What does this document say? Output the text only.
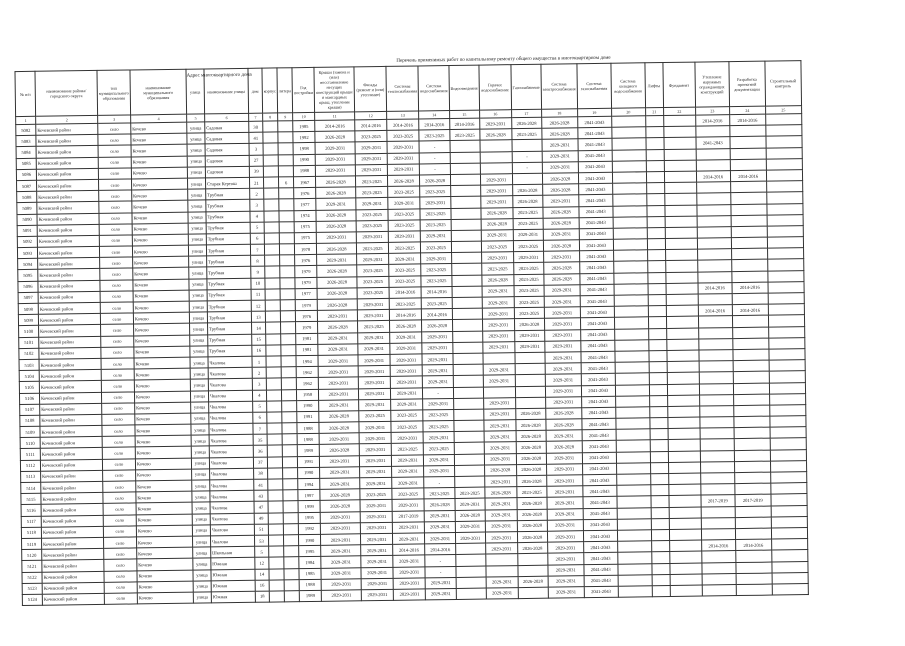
Перечень применимых работ по капитальному ремонту общего имущества в многоквартирном доме
Адрес многоквартирного дома
№ п/п	наименование района/городского округа	тип муниципального образования	наименование муниципального образования	улица	наименование улицы	дом	корпус	литера	Год постройки	Крыши (замена и (или) восстановление несущих конструкций крыши и мансардных крыш, утепление крыши)	Фасады (ремонт и (или) утепление)	Системы теплоснабжения	Система водоснабжения	Водоотведения	Горячее водоснабжение	Газоснабжение	Система электроснабжения	Система газоснабжения	Система холодного водоснабжения	Лифты	Фундамент	Утепление наружных ограждающих конструкций	Разработка проектной документации	Строительный контроль
1	2	3	4	5	6	7	8	9	10	11	12	13	14	15	16	17	18	19	20	21	22	23	24	25
5082	Кочевский район	село	Кочево	улица	Садовая	30			1985	2014-2016	2014-2016	2014-2016	2014-2016	2014-2016	2029-2031	2026-2028	2026-2028	2041-2043				2014-2016	2014-2016	
5083	Кочевский район	село	Кочево	улица	Садовая	41			1992	2026-2028	2023-2025	2023-2025	2023-2025	2023-2025	2026-2028	2023-2025	2026-2028	2041-2043						
5084	Кочевский район	село	Кочево	улица	Садовая	3			1998	2029-2031	2029-2031	2029-2031	-				2029-2031	2041-2043				2041-2043		
5085	Кочевский район	село	Кочево	улица	Садовая	27			1990	2029-2031	2029-2031	2029-2031	-			-	2029-2031	2041-2043						
5086	Кочевский район	село	Кочево	улица	Садовая	39			1988	2029-2031	2029-2031	2029-2031	-			-	2029-2031	2041-2043						
5087	Кочевский район	село	Кочево	улица	Старая Кертош	21		6	1967	2026-2028	2023-2025	2026-2028	2026-2028		2029-2031		2026-2028	2041-2043				2014-2016	2014-2016	
5088	Кочевский район	село	Кочево	улица	Трубная	2			1976	2026-2028	2023-2025	2023-2025	2023-2025		2029-2031	2026-2028	2026-2028	2041-2043						
5089	Кочевский район	село	Кочево	улица	Трубная	3			1977	2029-2031	2029-2031	2029-2031	2029-2031		2029-2031	2026-2028	2029-2031	2041-2043						
5090	Кочевский район	село	Кочево	улица	Трубная	4			1974	2026-2028	2023-2025	2023-2025	2023-2025		2026-2028	2023-2025	2026-2028	2041-2043						
5091	Кочевский район	село	Кочево	улица	Трубная	5			1975	2026-2028	2023-2025	2023-2025	2023-2025		2026-2028	2023-2025	2026-2028	2041-2043						
5092	Кочевский район	село	Кочево	улица	Трубная	6			1975	2029-2031	2029-2031	2029-2031	2029-2031		2029-2031	2029-2031	2029-2031	2041-2043						
5093	Кочевский район	село	Кочево	улица	Трубная	7			1978	2026-2028	2023-2025	2023-2025	2023-2025		2023-2025	2023-2025	2026-2028	2041-2043						
5094	Кочевский район	село	Кочево	улица	Трубная	8			1976	2029-2031	2029-2031	2029-2031	2029-2031		2029-2031	2029-2031	2029-2031	2041-2043						
5095	Кочевский район	село	Кочево	улица	Трубная	9			1979	2026-2028	2023-2025	2023-2025	2023-2025		2023-2025	2023-2025	2026-2028	2041-2043						
5096	Кочевский район	село	Кочево	улица	Трубная	10			1979	2026-2028	2023-2025	2023-2025	2023-2025		2026-2028	2023-2025	2026-2028	2041-2043						
5097	Кочевский район	село	Кочево	улица	Трубная	11			1977	2026-2028	2023-2025	2014-2016	2014-2016		2029-2031	2023-2025	2029-2031	2041-2043				2014-2016	2014-2016	
5098	Кочевский район	село	Кочево	улица	Трубная	12			1979	2026-2028	2029-2031	2023-2025	2023-2025		2029-2031	2023-2025	2029-2031	2041-2043						
5099	Кочевский район	село	Кочево	улица	Трубная	13			1976	2029-2031	2029-2031	2014-2016	2014-2016		2029-2031	2023-2025	2029-2031	2041-2043				2014-2016	2014-2016	
5100	Кочевский район	село	Кочево	улица	Трубная	14			1979	2026-2028	2023-2025	2026-2028	2026-2028		2029-2031	2026-2028	2029-2031	2041-2043						
5101	Кочевский район	село	Кочево	улица	Трубная	15			1981	2029-2031	2029-2031	2029-2031	2029-2031		2029-2031	2029-2031	2029-2031	2041-2043						
5102	Кочевский район	село	Кочево	улица	Трубная	16			1981	2029-2031	2029-2031	2029-2031	2029-2031		2029-2031	2029-2031	2029-2031	2041-2043						
5103	Кочевский район	село	Кочево	улица	Чкалова	1			1994	2029-2031	2029-2031	2029-2031	2029-2031				2029-2031	2041-2043						
5104	Кочевский район	село	Кочево	улица	Чкалова	2			1962	2029-2031	2029-2031	2029-2031	2029-2031		2029-2031		2029-2031	2041-2043						
5105	Кочевский район	село	Кочево	улица	Чкалова	3			1962	2029-2031	2029-2031	2029-2031	2029-2031		2029-2031		2029-2031	2041-2043						
5106	Кочевский район	село	Кочево	улица	Чкалова	4			1958	2029-2031	2029-2031	2029-2031	-				2029-2031	2041-2043						
5107	Кочевский район	село	Кочево	улица	Чкалова	5			1990	2029-2031	2029-2031	2029-2031	2029-2031		2029-2031		2029-2031	2041-2043						
5108	Кочевский район	село	Кочево	улица	Чкалова	6			1991	2026-2028	2023-2025	2023-2025	2023-2025		2029-2031	2026-2028	2026-2028	2041-2043						
5109	Кочевский район	село	Кочево	улица	Чкалова	7			1988	2026-2028	2029-2031	2023-2025	2023-2025		2029-2031	2026-2028	2026-2028	2041-2043						
5110	Кочевский район	село	Кочево	улица	Чкалова	35			1988	2029-2031	2029-2031	2029-2031	2029-2031		2029-2031	2026-2028	2029-2031	2041-2043						
5111	Кочевский район	село	Кочево	улица	Чкалова	36			1989	2026-2028	2029-2031	2023-2025	2023-2025		2029-2031	2026-2028	2026-2028	2041-2043						
5112	Кочевский район	село	Кочево	улица	Чкалова	37			1991	2029-2031	2029-2031	2029-2031	2029-2031		2029-2031	2026-2028	2029-2031	2041-2043						
5113	Кочевский район	село	Кочево	улица	Чкалова	38			1990	2029-2031	2029-2031	2029-2031	2029-2031		2026-2028	2026-2028	2029-2031	2041-2043						
5114	Кочевский район	село	Кочево	улица	Чкалова	41			1994	2029-2031	2029-2031	2029-2031	-		2029-2031	2026-2028	2029-2031	2041-2043						
5115	Кочевский район	село	Кочево	улица	Чкалова	43			1997	2026-2028	2023-2025	2023-2025	2023-2025	2023-2025	2026-2028	2023-2025	2029-2031	2041-2043						
5116	Кочевский район	село	Кочево	улица	Чкалова	47			1999	2026-2028	2029-2031	2029-2031	2026-2028	2029-2031	2029-2031	2026-2028	2029-2031	2041-2043				2017-2019	2017-2019	
5117	Кочевский район	село	Кочево	улица	Чкалова	49			1995	2029-2031	2029-2031	2017-2019	2029-2031	2026-2028	2029-2031	2026-2028	2029-2031	2041-2043						
5118	Кочевский район	село	Кочево	улица	Чкалова	51			1992	2029-2031	2029-2031	2029-2031	2029-2031	2029-2031	2029-2031	2026-2028	2029-2031	2041-2043						
5119	Кочевский район	село	Кочево	улица	Чкалова	53			1990	2029-2031	2029-2031	2029-2031	2029-2031	2029-2031	2029-2031	2026-2028	2029-2031	2041-2043						
5120	Кочевский район	село	Кочево	улица	Школьная	5			1995	2029-2031	2029-2031	2014-2016	2014-2016		2029-2031	2026-2028	2029-2031	2041-2043				2014-2016	2014-2016	
5121	Кочевский район	село	Кочево	улица	Южная	12			1984	2029-2031	2029-2031	2029-2031	-				2029-2031	2041-2043						
5122	Кочевский район	село	Кочево	улица	Южная	14			1985	2029-2031	2029-2031	2029-2031	-				2029-2031	2041-2043						
5123	Кочевский район	село	Кочево	улица	Южная	16			1988	2029-2031	2029-2031	2029-2031	2029-2031		2029-2031	2026-2028	2029-2031	2041-2043						
5124	Кочевский район	село	Кочево	улица	Южная	18			1989	2029-2031	2029-2031	2029-2031	2029-2031		2029-2031		2029-2031	2041-2043						
